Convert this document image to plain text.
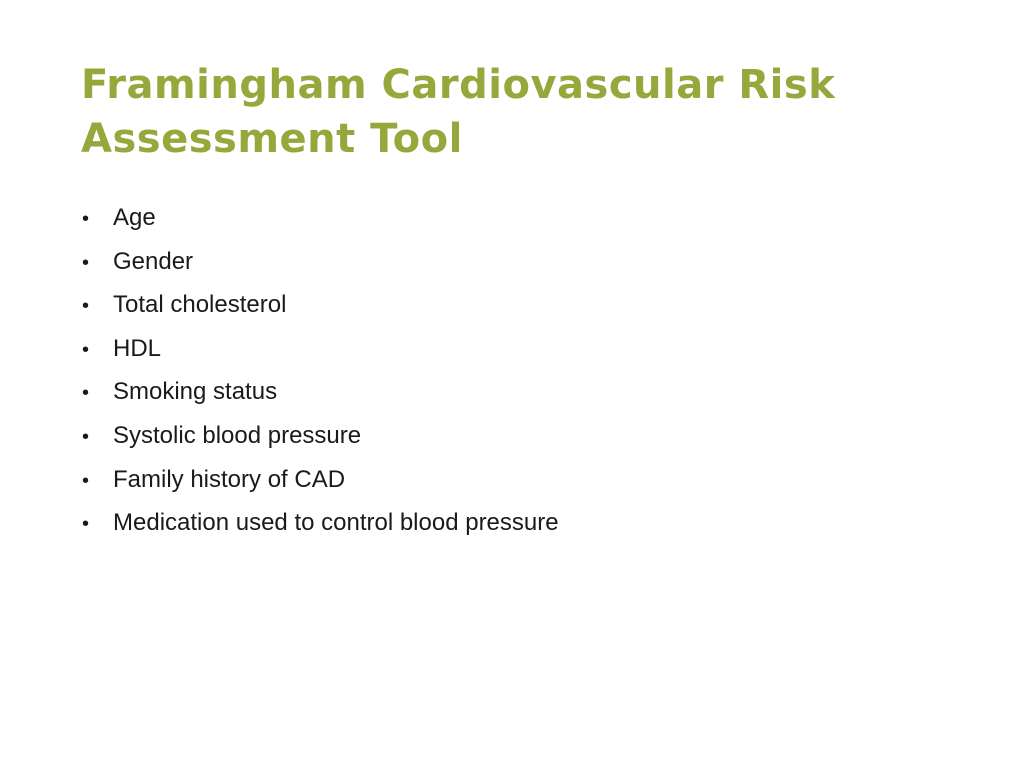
Framingham Cardiovascular Risk Assessment Tool
• Age
• Gender
• Total cholesterol
• HDL
• Smoking status
• Systolic blood pressure
• Family history of CAD
• Medication used to control blood pressure
